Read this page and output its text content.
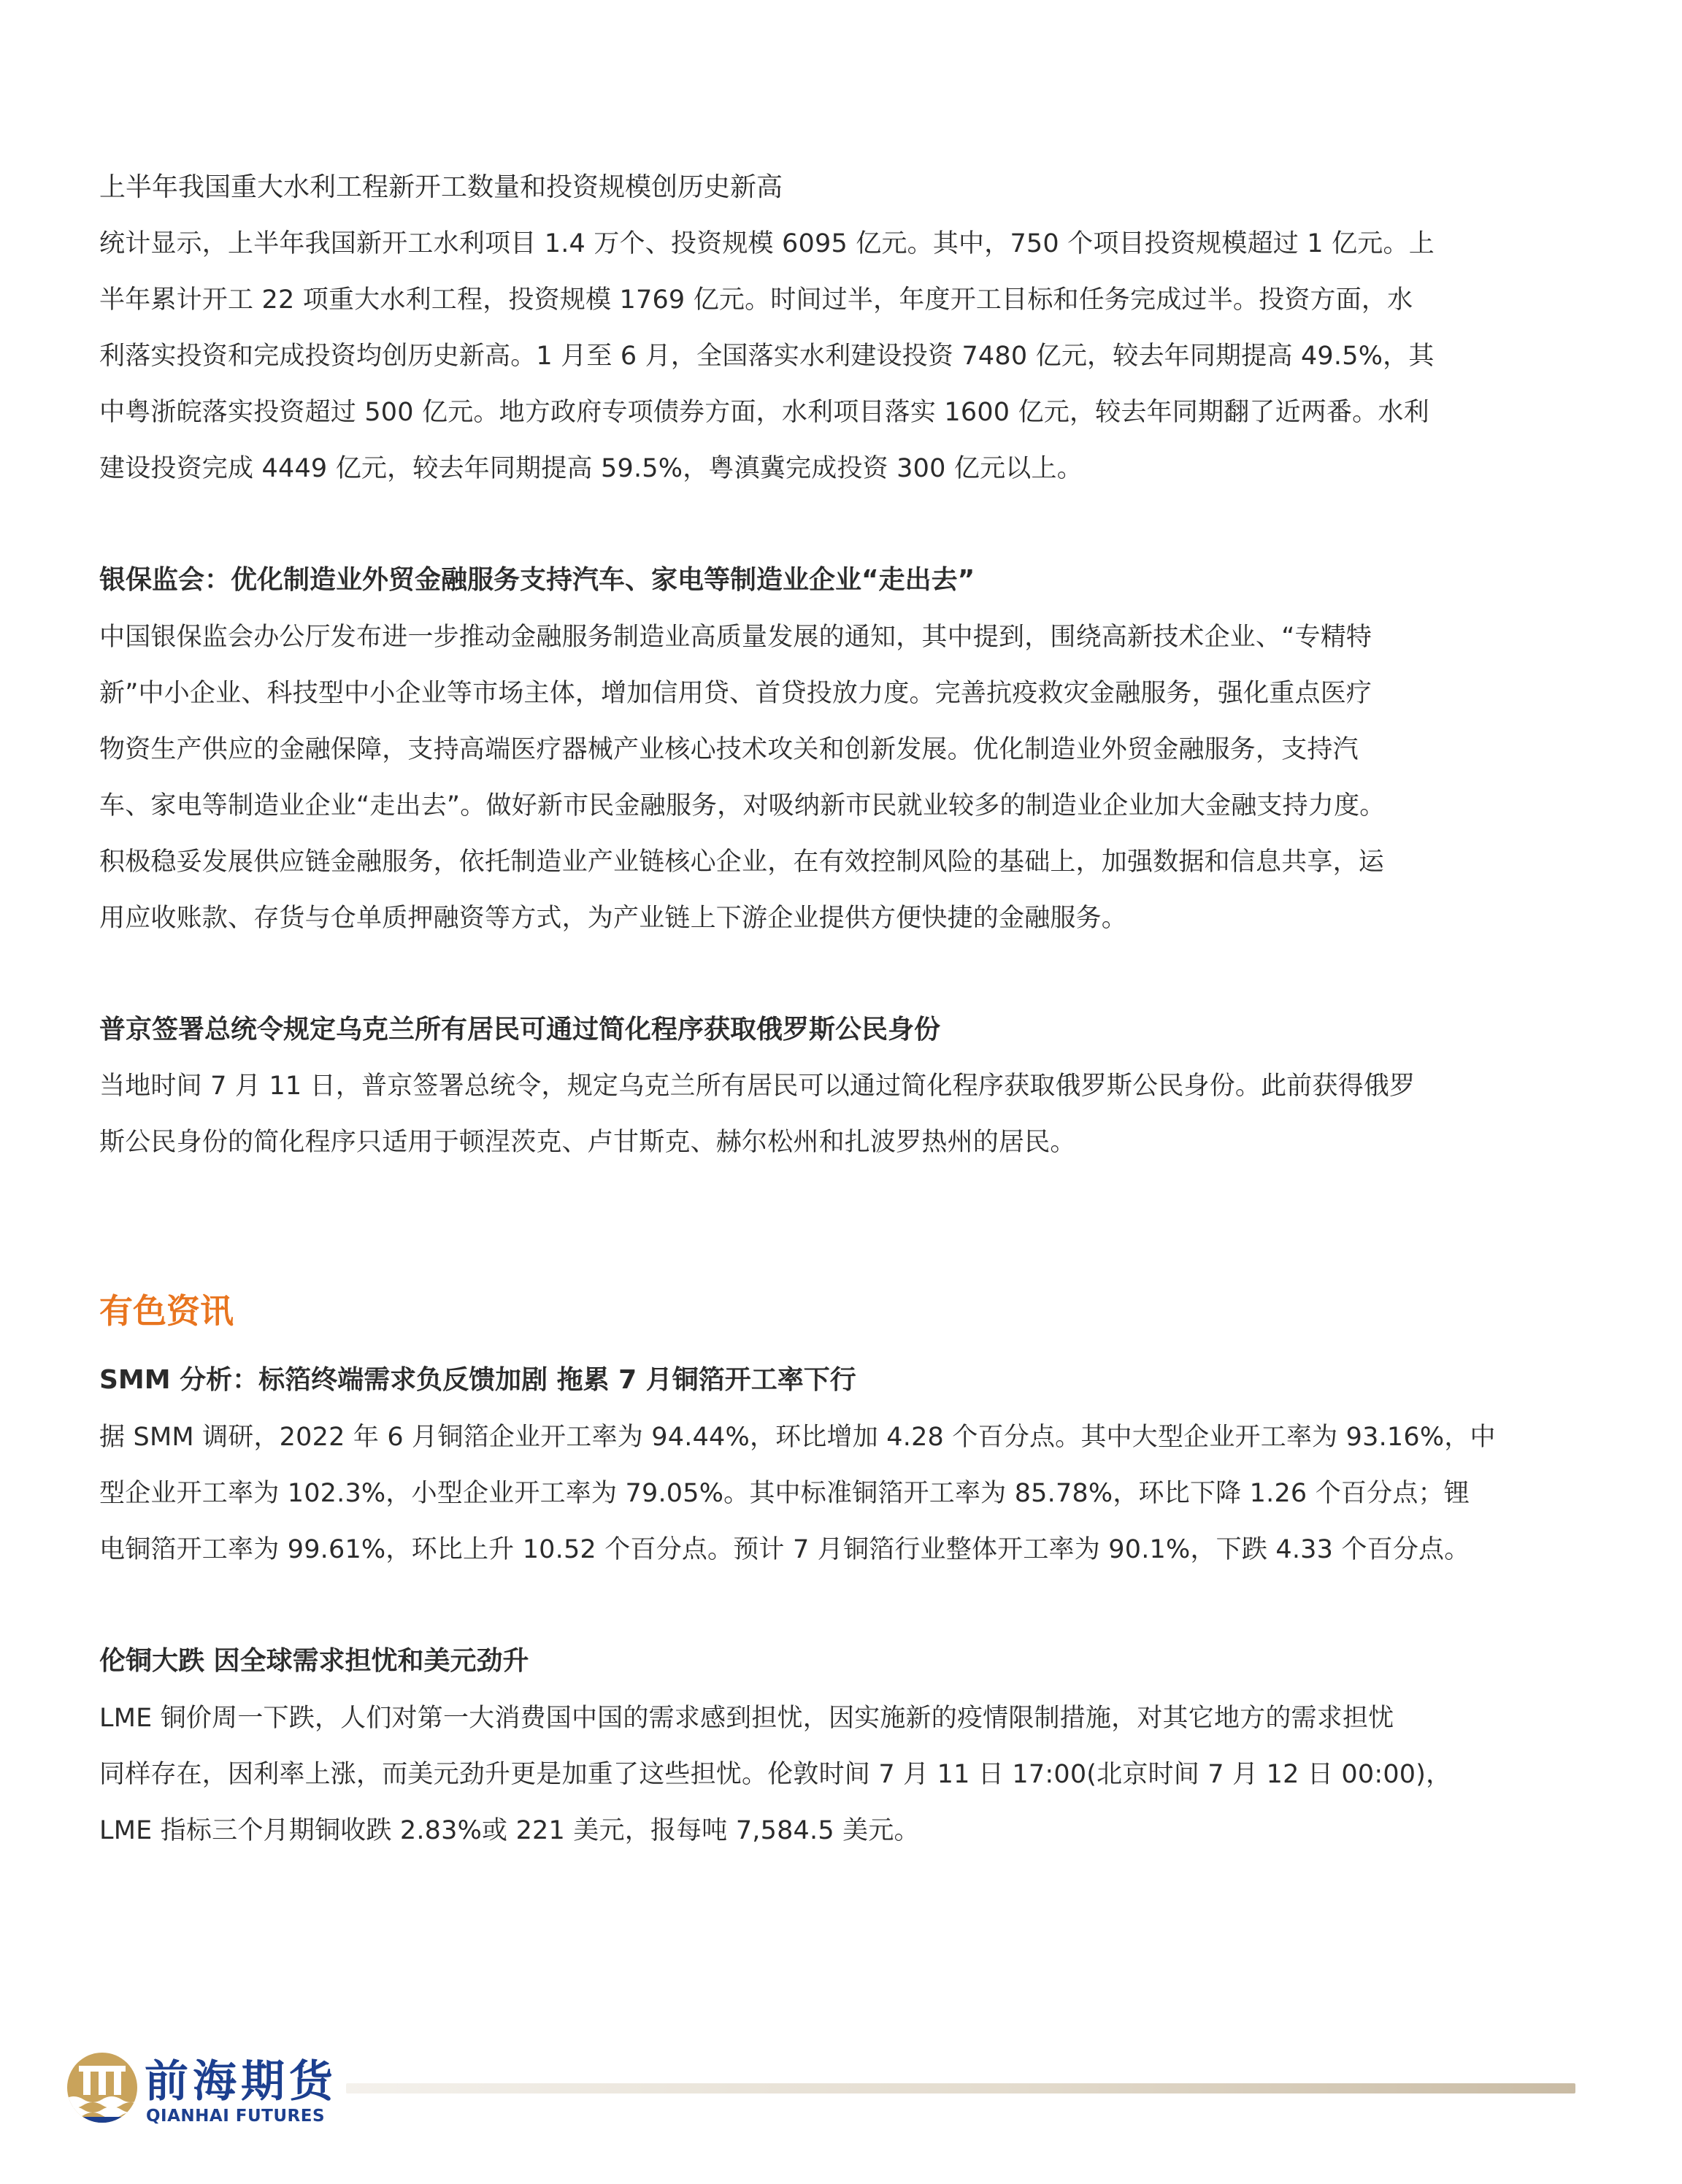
上半年我国重大水利工程新开工数量和投资规模创历史新高
统计显示，上半年我国新开工水利项目 1.4 万个、投资规模 6095 亿元。其中，750 个项目投资规模超过 1 亿元。上
半年累计开工 22 项重大水利工程，投资规模 1769 亿元。时间过半，年度开工目标和任务完成过半。投资方面，水
利落实投资和完成投资均创历史新高。1 月至 6 月，全国落实水利建设投资 7480 亿元，较去年同期提高 49.5%，其
中粤浙皖落实投资超过 500 亿元。地方政府专项债券方面，水利项目落实 1600 亿元，较去年同期翻了近两番。水利
建设投资完成 4449 亿元，较去年同期提高 59.5%，粤滇冀完成投资 300 亿元以上。
银保监会：优化制造业外贸金融服务支持汽车、家电等制造业企业“走出去”
中国银保监会办公厅发布进一步推动金融服务制造业高质量发展的通知，其中提到，围绕高新技术企业、“专精特
新”中小企业、科技型中小企业等市场主体，增加信用贷、首贷投放力度。完善抗疫救灾金融服务，强化重点医疗
物资生产供应的金融保障，支持高端医疗器械产业核心技术攻关和创新发展。优化制造业外贸金融服务，支持汽
车、家电等制造业企业“走出去”。做好新市民金融服务，对吸纳新市民就业较多的制造业企业加大金融支持力度。
积极稳妥发展供应链金融服务，依托制造业产业链核心企业，在有效控制风险的基础上，加强数据和信息共享，运
用应收账款、存货与仓单质押融资等方式，为产业链上下游企业提供方便快捷的金融服务。
普京签署总统令规定乌克兰所有居民可通过简化程序获取俄罗斯公民身份
当地时间 7 月 11 日，普京签署总统令，规定乌克兰所有居民可以通过简化程序获取俄罗斯公民身份。此前获得俄罗
斯公民身份的简化程序只适用于顿涅茨克、卢甘斯克、赫尔松州和扎波罗热州的居民。
有色资讯
SMM 分析：标箔终端需求负反馈加剧 拖累 7 月铜箔开工率下行
据 SMM 调研，2022 年 6 月铜箔企业开工率为 94.44%，环比增加 4.28 个百分点。其中大型企业开工率为 93.16%，中
型企业开工率为 102.3%，小型企业开工率为 79.05%。其中标准铜箔开工率为 85.78%，环比下降 1.26 个百分点；锂
电铜箔开工率为 99.61%，环比上升 10.52 个百分点。预计 7 月铜箔行业整体开工率为 90.1%，下跌 4.33 个百分点。
伦铜大跌 因全球需求担忧和美元劲升
LME 铜价周一下跌，人们对第一大消费国中国的需求感到担忧，因实施新的疫情限制措施，对其它地方的需求担忧
同样存在，因利率上涨，而美元劲升更是加重了这些担忧。伦敦时间 7 月 11 日 17:00(北京时间 7 月 12 日 00:00)，
LME 指标三个月期铜收跌 2.83%或 221 美元，报每吨 7,584.5 美元。
前海期货
QIANHAI FUTURES
